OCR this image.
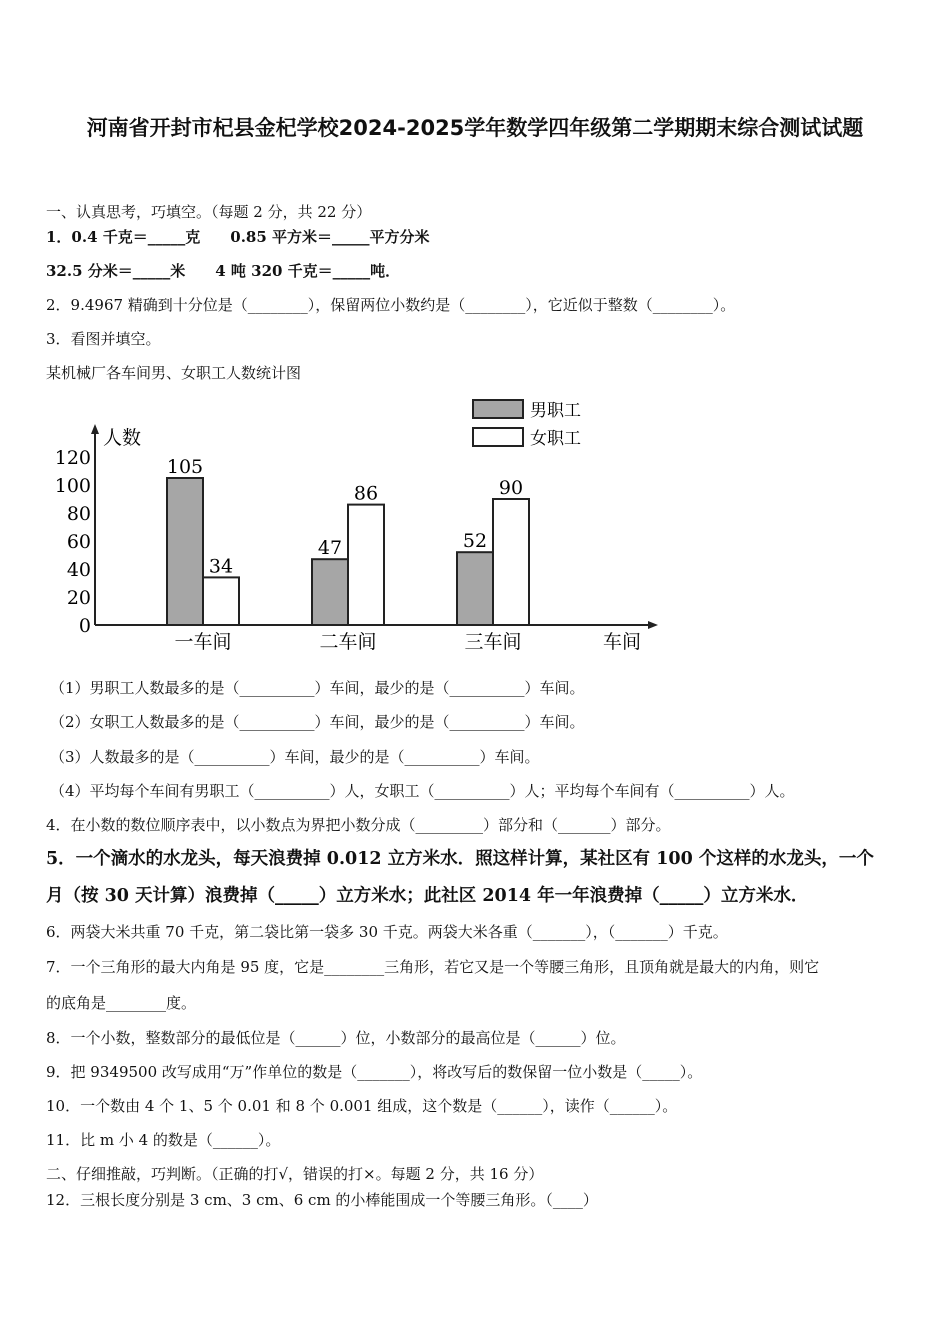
河南省开封市杞县金杞学校2024-2025学年数学四年级第二学期期末综合测试试题
一、认真思考，巧填空。（每题 2 分，共 22 分）
1．0.4 千克＝_____克　　0.85 平方米＝_____平方分米
32.5 分米＝_____米　　4 吨 320 千克＝_____吨．
2．9.4967 精确到十分位是（________），保留两位小数约是（________），它近似于整数（________）。
3．看图并填空。
某机械厂各车间男、女职工人数统计图
人数
车间
0
20
40
60
80
100
120	105
47	52
34
86	90
一车间	二车间	三车间
男职工
女职工
（1）男职工人数最多的是（__________）车间，最少的是（__________）车间。
（2）女职工人数最多的是（__________）车间，最少的是（__________）车间。
（3）人数最多的是（__________）车间，最少的是（__________）车间。
（4）平均每个车间有男职工（__________）人，女职工（__________）人；平均每个车间有（__________）人。
4．在小数的数位顺序表中，以小数点为界把小数分成（_________）部分和（_______）部分。
5．一个滴水的水龙头，每天浪费掉 0.012 立方米水．照这样计算，某社区有 100 个这样的水龙头，一个
月（按 30 天计算）浪费掉（_____）立方米水；此社区 2014 年一年浪费掉（_____）立方米水．
6．两袋大米共重 70 千克，第二袋比第一袋多 30 千克。两袋大米各重（_______），（_______）千克。
7．一个三角形的最大内角是 95 度，它是________三角形，若它又是一个等腰三角形，且顶角就是最大的内角，则它
的底角是________度。
8．一个小数，整数部分的最低位是（______）位，小数部分的最高位是（______）位。
9．把 9349500 改写成用“万”作单位的数是（_______），将改写后的数保留一位小数是（_____）。
10．一个数由 4 个 1、5 个 0.01 和 8 个 0.001 组成，这个数是（______），读作（______）。
11．比 m 小 4 的数是（______）。
二、仔细推敲，巧判断。（正确的打√，错误的打×。每题 2 分，共 16 分）
12．三根长度分别是 3 cm、3 cm、6 cm 的小棒能围成一个等腰三角形。（____）
